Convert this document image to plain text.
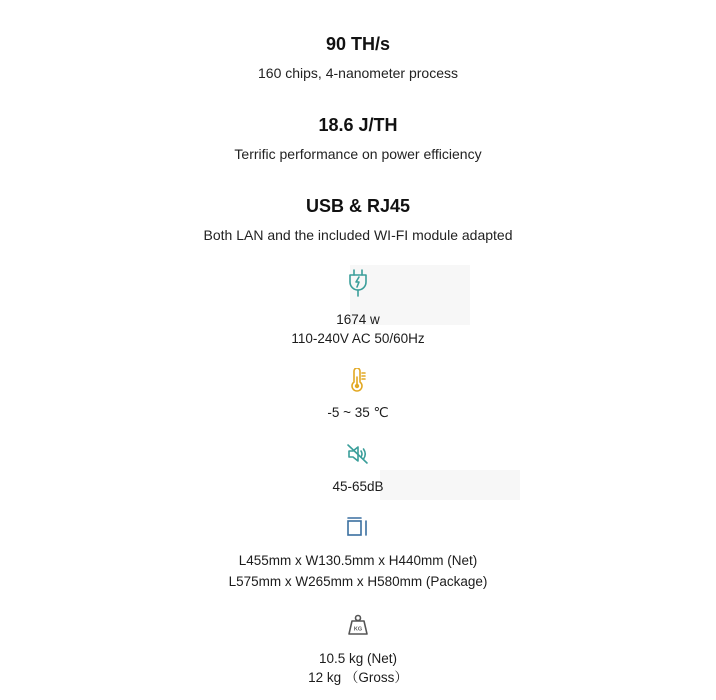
90 TH/s
160 chips, 4-nanometer process
18.6 J/TH
Terrific performance on power efficiency
USB & RJ45
Both LAN and the included WI-FI module adapted
1674 w
110-240V AC 50/60Hz
-5 ~ 35 ℃
45-65dB
L455mm x W130.5mm x H440mm (Net)
L575mm x W265mm x H580mm (Package)
KG
10.5 kg (Net)
12 kg （Gross）
